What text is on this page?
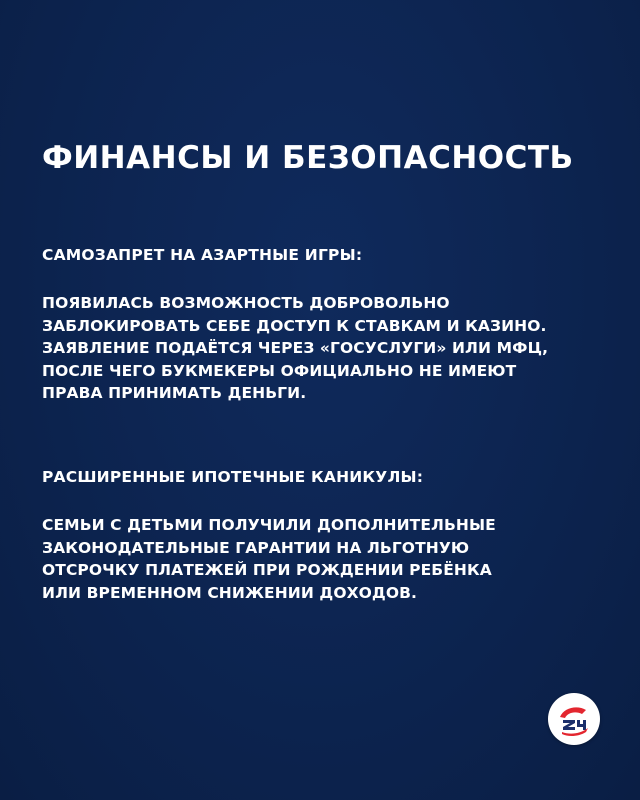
ФИНАНСЫ И БЕЗОПАСНОСТЬ
САМОЗАПРЕТ НА АЗАРТНЫЕ ИГРЫ:
ПОЯВИЛАСЬ ВОЗМОЖНОСТЬ ДОБРОВОЛЬНО
ЗАБЛОКИРОВАТЬ СЕБЕ ДОСТУП К СТАВКАМ И КАЗИНО.
ЗАЯВЛЕНИЕ ПОДАЁТСЯ ЧЕРЕЗ «ГОСУСЛУГИ» ИЛИ МФЦ,
ПОСЛЕ ЧЕГО БУКМЕКЕРЫ ОФИЦИАЛЬНО НЕ ИМЕЮТ
ПРАВА ПРИНИМАТЬ ДЕНЬГИ.
РАСШИРЕННЫЕ ИПОТЕЧНЫЕ КАНИКУЛЫ:
СЕМЬИ С ДЕТЬМИ ПОЛУЧИЛИ ДОПОЛНИТЕЛЬНЫЕ
ЗАКОНОДАТЕЛЬНЫЕ ГАРАНТИИ НА ЛЬГОТНУЮ
ОТСРОЧКУ ПЛАТЕЖЕЙ ПРИ РОЖДЕНИИ РЕБЁНКА
ИЛИ ВРЕМЕННОМ СНИЖЕНИИ ДОХОДОВ.
